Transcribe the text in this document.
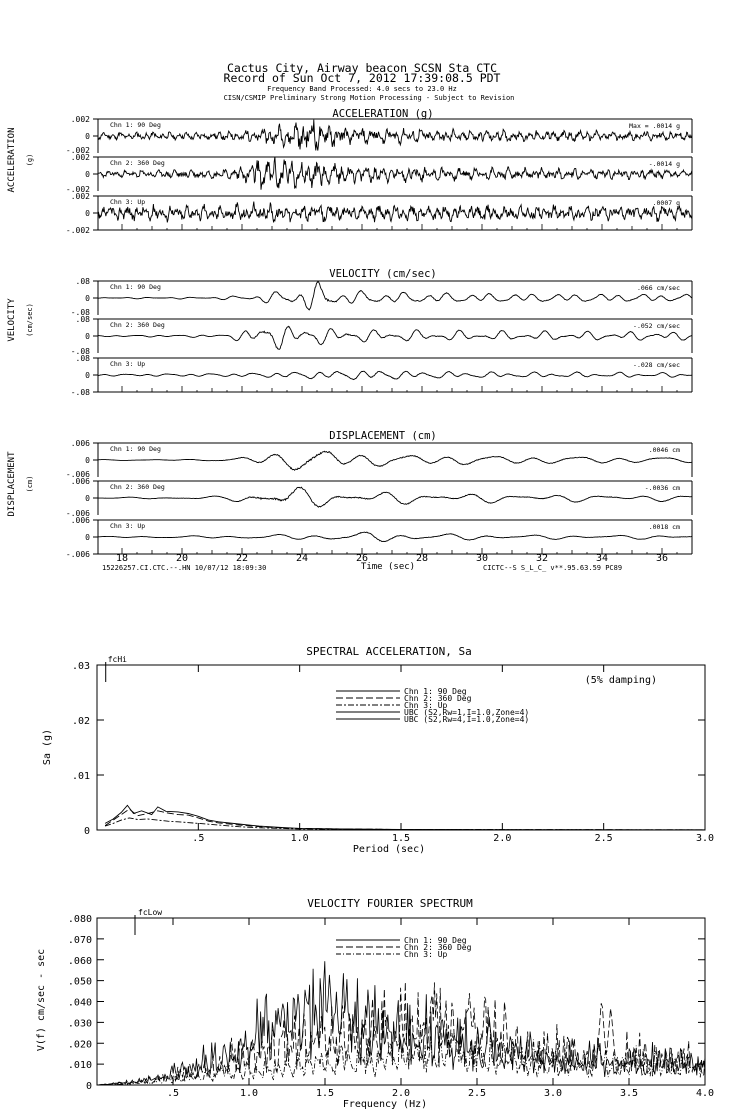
Cactus City, Airway beacon SCSN Sta CTC
Record of Sun Oct 7, 2012 17:39:08.5 PDT
Frequency Band Processed: 4.0 secs to 23.0 Hz
CISN/CSMIP Preliminary Strong Motion Processing - Subject to Revision
ACCELERATION (g)
ACCELERATION (g)
.002
0
Chn 1: 90 Deg	Max = .0014 g
.002
0
-.002
Chn 2: 360 Deg	-.0014 g
.002
0
-.002
Chn 3: Up	.0007 g
-.002
VELOCITY (cm/sec)
VELOCITY (cm/sec)
.08
0
Chn 1: 90 Deg	.066 cm/sec
.08
0
-.08
Chn 2: 360 Deg	-.052 cm/sec
.08
0
-.08
Chn 3: Up	-.028 cm/sec
-.08
DISPLACEMENT (cm)
DISPLACEMENT (cm)
.006
0
Chn 1: 90 Deg	.0046 cm
.006
0
-.006
Chn 2: 360 Deg	-.0036 cm
.006
0
-.006
Chn 3: Up	.0018 cm
-.006	18	20	22	24	26	28	30	32	34	36
Time (sec)
15226257.CI.CTC.--.HN 10/07/12 18:09:30	CICTC--S S_L_C_ v**.95.63.59 PC89
SPECTRAL ACCELERATION, Sa
0
.01
.02
.03
.5	1.0	1.5	2.0	2.5	3.0
Period (sec)
Sa (g)
fcHi
(5% damping)
Chn 1: 90 Deg
Chn 2: 360 Deg
Chn 3: Up
UBC (S2,Rw=1,I=1.0,Zone=4)
UBC (S2,Rw=4,I=1.0,Zone=4)
VELOCITY FOURIER SPECTRUM
0
.010
.020
.030
.040
.050
.060
.070
.080
.5	1.0	1.5	2.0	2.5	3.0	3.5	4.0
Frequency (Hz)
V(f) cm/sec - sec
fcLow
Chn 1: 90 Deg
Chn 2: 360 Deg
Chn 3: Up
